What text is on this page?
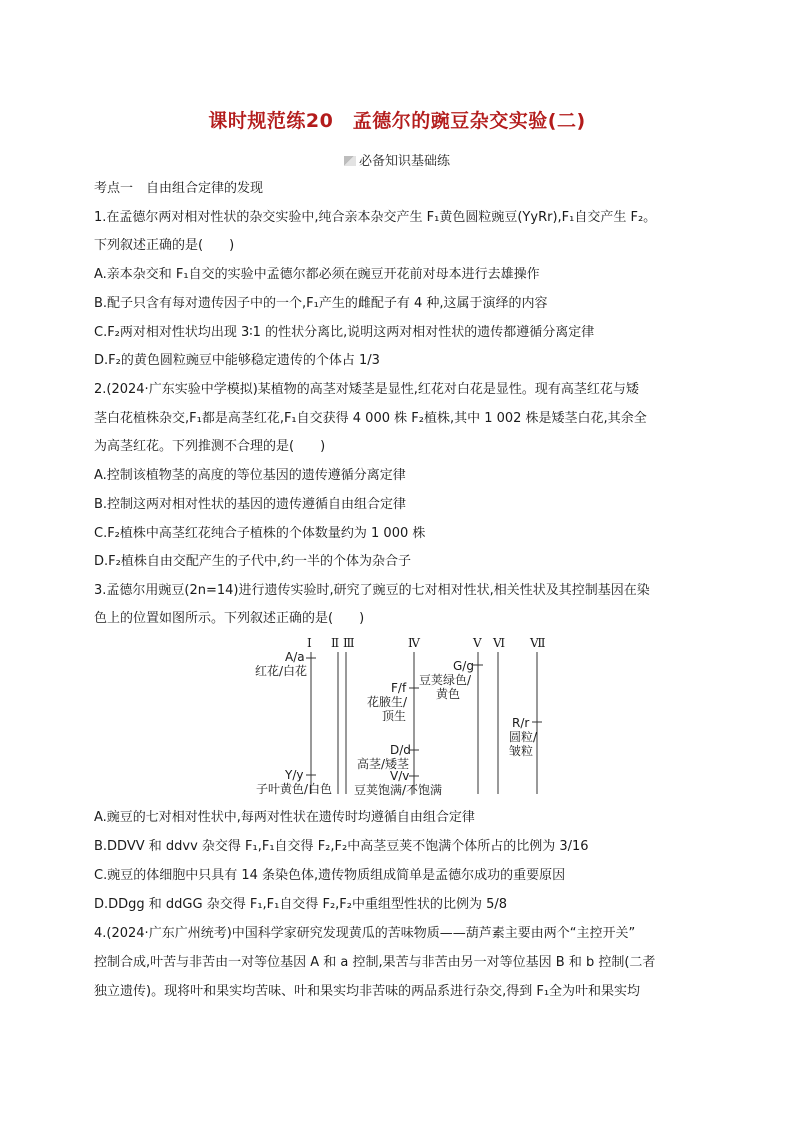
课时规范练20　孟德尔的豌豆杂交实验(二)
必备知识基础练
考点一　自由组合定律的发现
1.在孟德尔两对相对性状的杂交实验中,纯合亲本杂交产生 F₁黄色圆粒豌豆(YyRr),F₁自交产生 F₂。
下列叙述正确的是(　　)
A.亲本杂交和 F₁自交的实验中孟德尔都必须在豌豆开花前对母本进行去雄操作
B.配子只含有每对遗传因子中的一个,F₁产生的雌配子有 4 种,这属于演绎的内容
C.F₂两对相对性状均出现 3∶1 的性状分离比,说明这两对相对性状的遗传都遵循分离定律
D.F₂的黄色圆粒豌豆中能够稳定遗传的个体占 1/3
2.(2024·广东实验中学模拟)某植物的高茎对矮茎是显性,红花对白花是显性。现有高茎红花与矮
茎白花植株杂交,F₁都是高茎红花,F₁自交获得 4 000 株 F₂植株,其中 1 002 株是矮茎白花,其余全
为高茎红花。下列推测不合理的是(　　)
A.控制该植物茎的高度的等位基因的遗传遵循分离定律
B.控制这两对相对性状的基因的遗传遵循自由组合定律
C.F₂植株中高茎红花纯合子植株的个体数量约为 1 000 株
D.F₂植株自由交配产生的子代中,约一半的个体为杂合子
3.孟德尔用豌豆(2n=14)进行遗传实验时,研究了豌豆的七对相对性状,相关性状及其控制基因在染
色上的位置如图所示。下列叙述正确的是(　　)
Ⅰ Ⅱ Ⅲ	Ⅳ	Ⅴ Ⅵ Ⅶ
A/a
红花/白花
Y/y
子叶黄色/白色
F/f
花腋生/
顶生
D/d
高茎/矮茎
V/v
豆荚饱满/不饱满
G/g
豆荚绿色/
黄色
R/r
圆粒/
皱粒
A.豌豆的七对相对性状中,每两对性状在遗传时均遵循自由组合定律
B.DDVV 和 ddvv 杂交得 F₁,F₁自交得 F₂,F₂中高茎豆荚不饱满个体所占的比例为 3/16
C.豌豆的体细胞中只具有 14 条染色体,遗传物质组成简单是孟德尔成功的重要原因
D.DDgg 和 ddGG 杂交得 F₁,F₁自交得 F₂,F₂中重组型性状的比例为 5/8
4.(2024·广东广州统考)中国科学家研究发现黄瓜的苦味物质——葫芦素主要由两个“主控开关”
控制合成,叶苦与非苦由一对等位基因 A 和 a 控制,果苦与非苦由另一对等位基因 B 和 b 控制(二者
独立遗传)。现将叶和果实均苦味、叶和果实均非苦味的两品系进行杂交,得到 F₁全为叶和果实均
